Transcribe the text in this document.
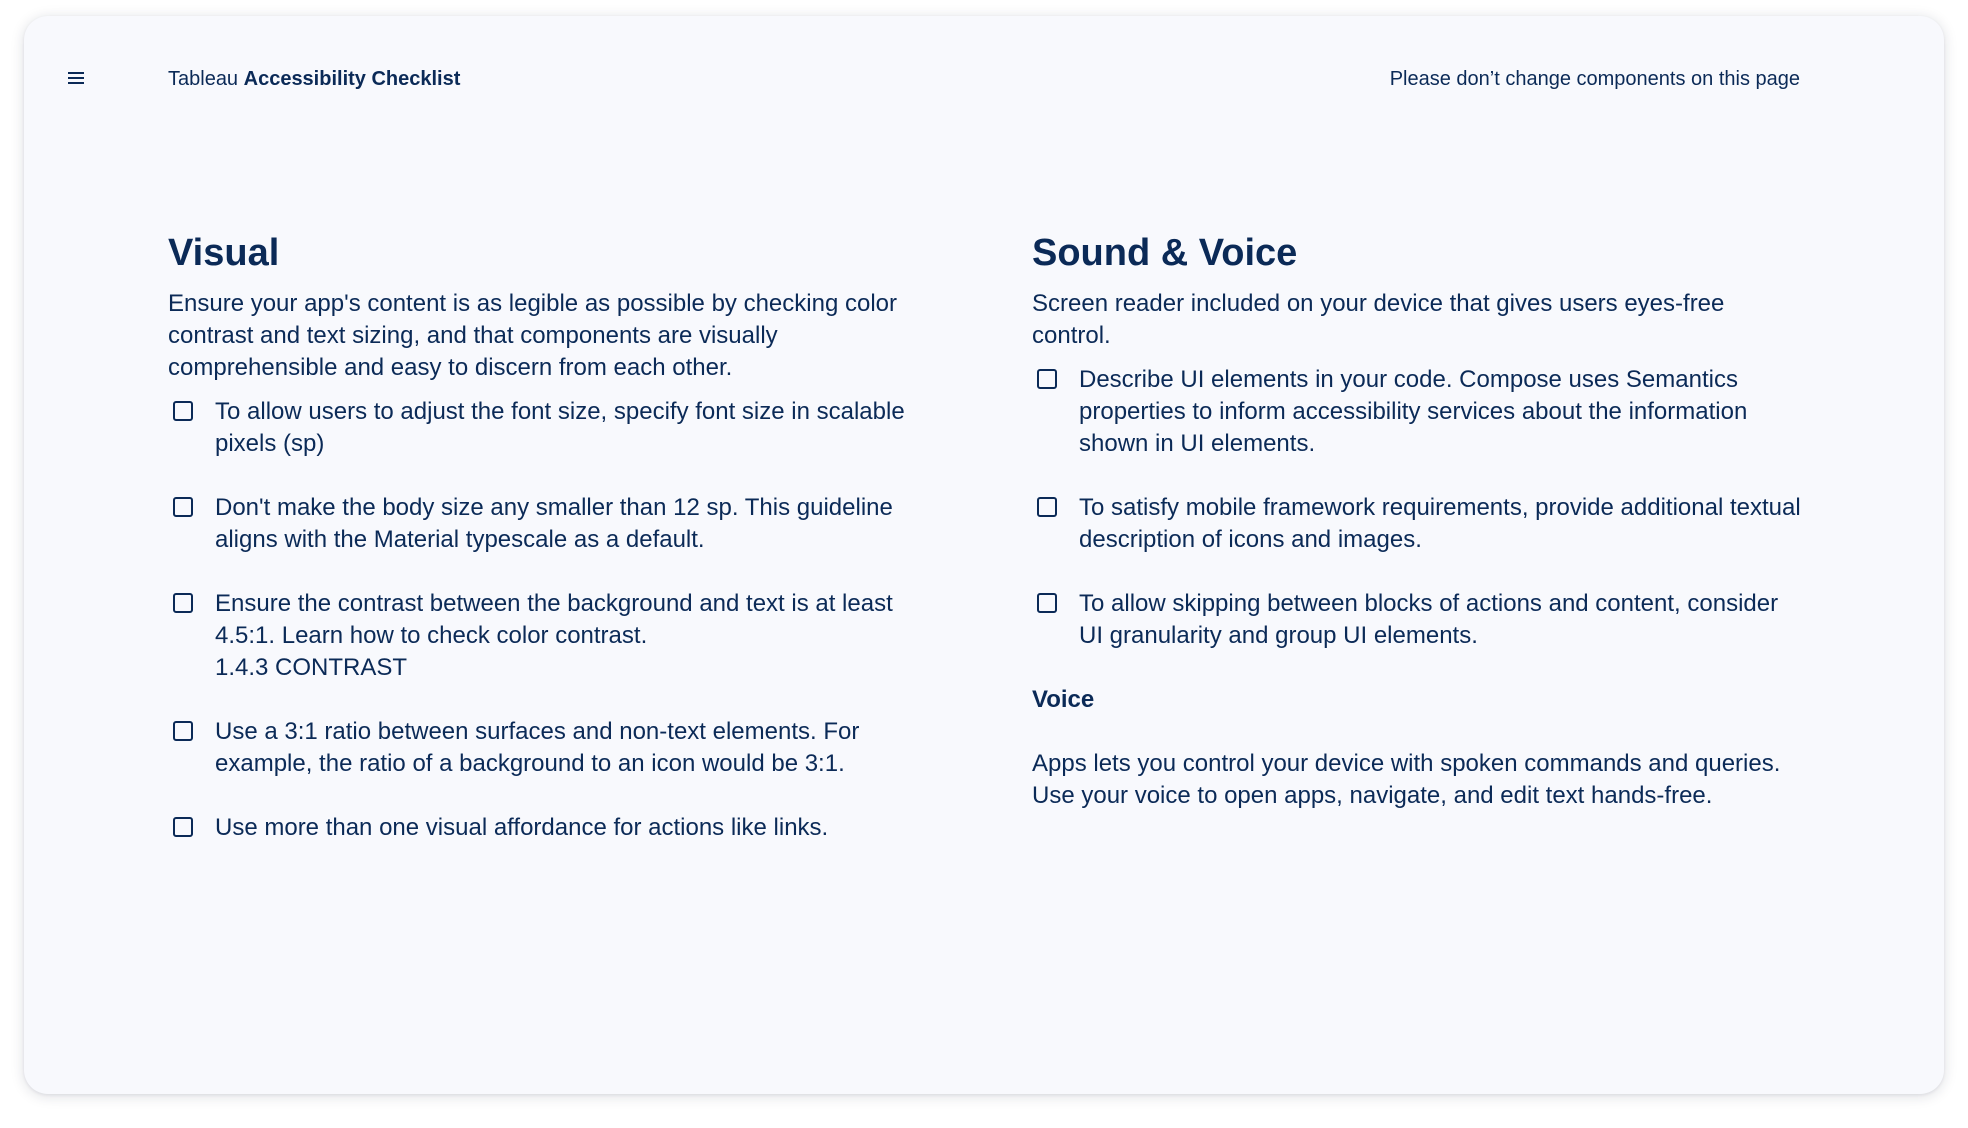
Tableau Accessibility Checklist	Please don’t change components on this page
Visual

Ensure your app's content is as legible as possible by checking color contrast and text sizing, and that components are visually comprehensible and easy to discern from each other.

To allow users to adjust the font size, specify font size in scalable pixels (sp)
Don't make the body size any smaller than 12 sp. This guideline aligns with the Material typescale as a default.
Ensure the contrast between the background and text is at least 4.5:1. Learn how to check color contrast.
1.4.3 CONTRAST
Use a 3:1 ratio between surfaces and non-text elements. For example, the ratio of a background to an icon would be 3:1.
Use more than one visual affordance for actions like links.
Sound & Voice

Screen reader included on your device that gives users eyes-free control.

Describe UI elements in your code. Compose uses Semantics properties to inform accessibility services about the information shown in UI elements.
To satisfy mobile framework requirements, provide additional textual description of icons and images.
To allow skipping between blocks of actions and content, consider UI granularity and group UI elements.
Voice

Apps lets you control your device with spoken commands and queries. Use your voice to open apps, navigate, and edit text hands-free.
